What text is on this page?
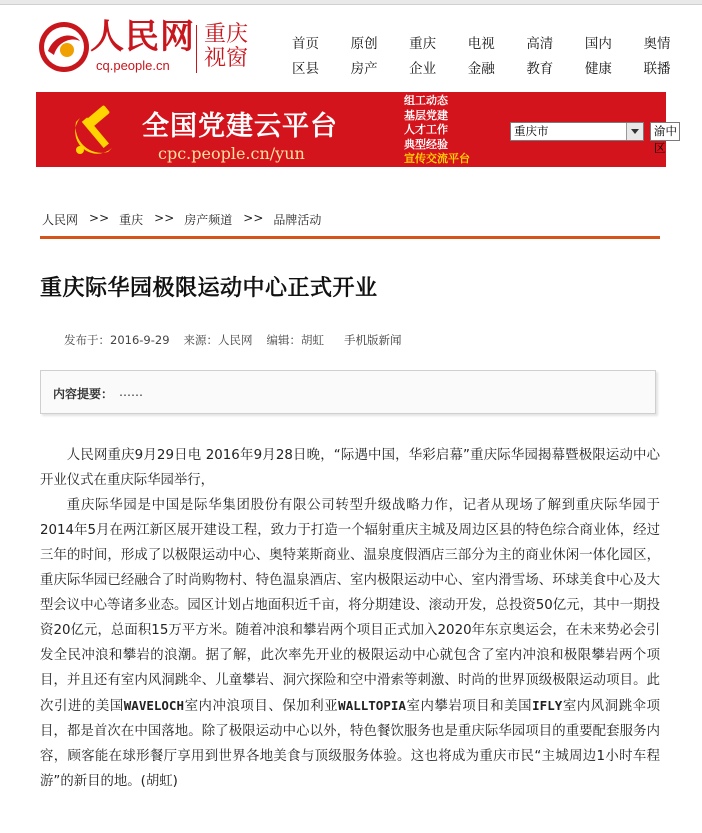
人民网
cq.people.cn
重庆
视窗
首页	原创	重庆	电视	高清	国内	奥情
区县	房产	企业	金融	教育	健康	联播
全国党建云平台
cpc.people.cn/yun
组工动态
基层党建
人才工作
典型经验
宣传交流平台
重庆市	渝中区
人民网 >> 重庆 >> 房产频道 >> 品牌活动
重庆际华园极限运动中心正式开业
发布于：2016-9-29 来源：人民网 编辑：胡虹 手机版新闻
内容提要： ……

人民网重庆9月29日电 2016年9月28日晚，“际遇中国，华彩启幕”重庆际华园揭幕暨极限运动中心开业仪式在重庆际华园举行，

重庆际华园是中国是际华集团股份有限公司转型升级战略力作，记者从现场了解到重庆际华园于2014年5月在两江新区展开建设工程，致力于打造一个辐射重庆主城及周边区县的特色综合商业体，经过三年的时间，形成了以极限运动中心、奥特莱斯商业、温泉度假酒店三部分为主的商业休闲一体化园区，重庆际华园已经融合了时尚购物村、特色温泉酒店、室内极限运动中心、室内滑雪场、环球美食中心及大型会议中心等诸多业态。园区计划占地面积近千亩，将分期建设、滚动开发，总投资50亿元，其中一期投资20亿元，总面积15万平方米。随着冲浪和攀岩两个项目正式加入2020年东京奥运会，在未来势必会引发全民冲浪和攀岩的浪潮。据了解，此次率先开业的极限运动中心就包含了室内冲浪和极限攀岩两个项目，并且还有室内风洞跳伞、儿童攀岩、洞穴探险和空中滑索等刺激、时尚的世界顶级极限运动项目。此次引进的美国WAVELOCH室内冲浪项目、保加利亚WALLTOPIA室内攀岩项目和美国IFLY室内风洞跳伞项目，都是首次在中国落地。除了极限运动中心以外，特色餐饮服务也是重庆际华园项目的重要配套服务内容，顾客能在球形餐厅享用到世界各地美食与顶级服务体验。这也将成为重庆市民“主城周边1小时车程游”的新目的地。(胡虹)
